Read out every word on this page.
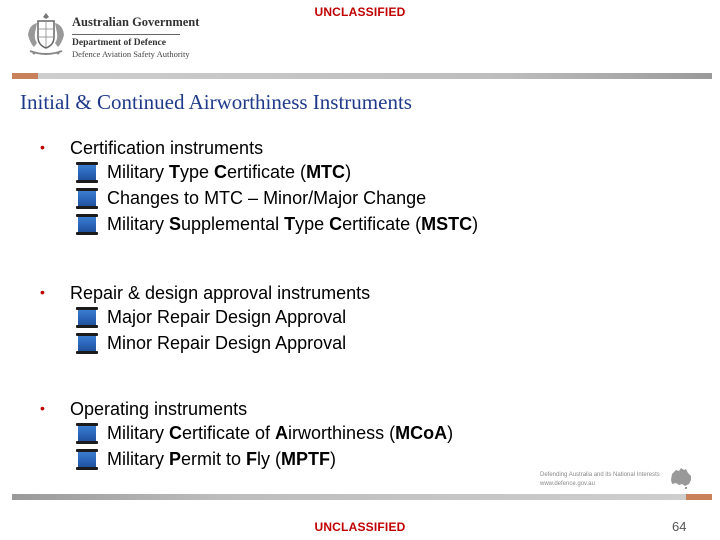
UNCLASSIFIED
Australian Government
Department of Defence
Defence Aviation Safety Authority
Initial & Continued Airworthiness Instruments
• Certification instruments
Military Type Certificate (MTC)
Changes to MTC – Minor/Major Change
Military Supplemental Type Certificate (MSTC)
• Repair & design approval instruments
Major Repair Design Approval
Minor Repair Design Approval
• Operating instruments
Military Certificate of Airworthiness (MCoA)
Military Permit to Fly (MPTF)
Defending Australia and its National Interests
www.defence.gov.au
UNCLASSIFIED	64
